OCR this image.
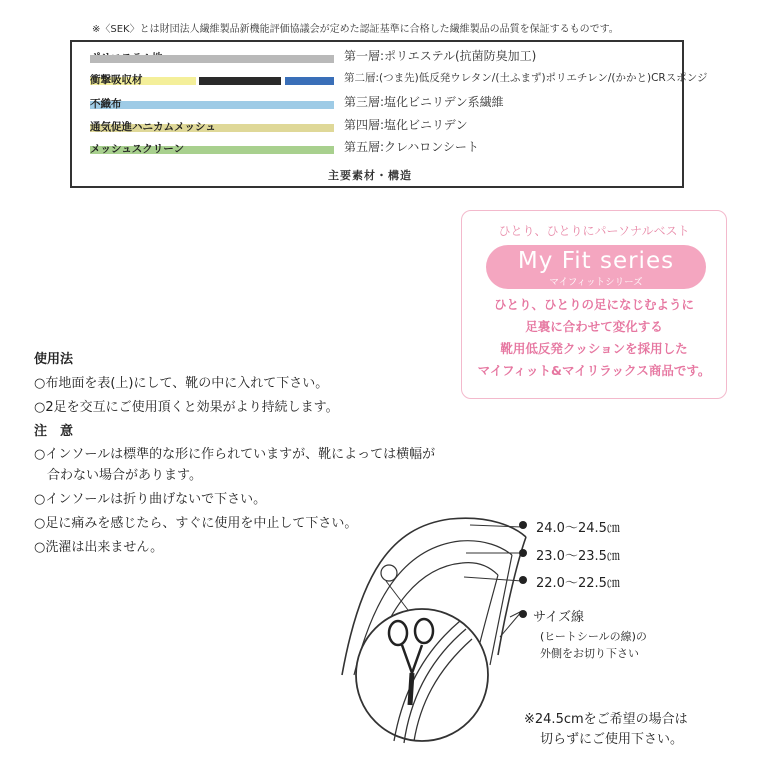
※〈SEK〉とは財団法人繊維製品新機能評価協議会が定めた認証基準に合格した繊維製品の品質を保証するものです。
第一層:ポリエステル(抗菌防臭加工)
衝撃吸収材	第二層:(つま先)低反発ウレタン/(土ふまず)ポリエチレン/(かかと)CRスポンジ
不織布	第三層:塩化ビニリデン系繊維
通気促進ハニカムメッシュ	第四層:塩化ビニリデン
メッシュスクリーン	第五層:クレハロンシート
主要素材・構造
ひとり、ひとりにパーソナルベスト
My Fit series
マイフィットシリーズ
ひとり、ひとりの足になじむように
足裏に合わせて変化する
靴用低反発クッションを採用した
マイフィット&マイリラックス商品です。
使用法
○布地面を表(上)にして、靴の中に入れて下さい。
○2足を交互にご使用頂くと効果がより持続します。
注　意
○インソールは標準的な形に作られていますが、靴によっては横幅が
　合わない場合があります。
○インソールは折り曲げないで下さい。
○足に痛みを感じたら、すぐに使用を中止して下さい。
○洗濯は出来ません。
24.0〜24.5㎝
23.0〜23.5㎝
22.0〜22.5㎝
サイズ線
(ヒートシールの線)の
外側をお切り下さい
※24.5cmをご希望の場合は
切らずにご使用下さい。
